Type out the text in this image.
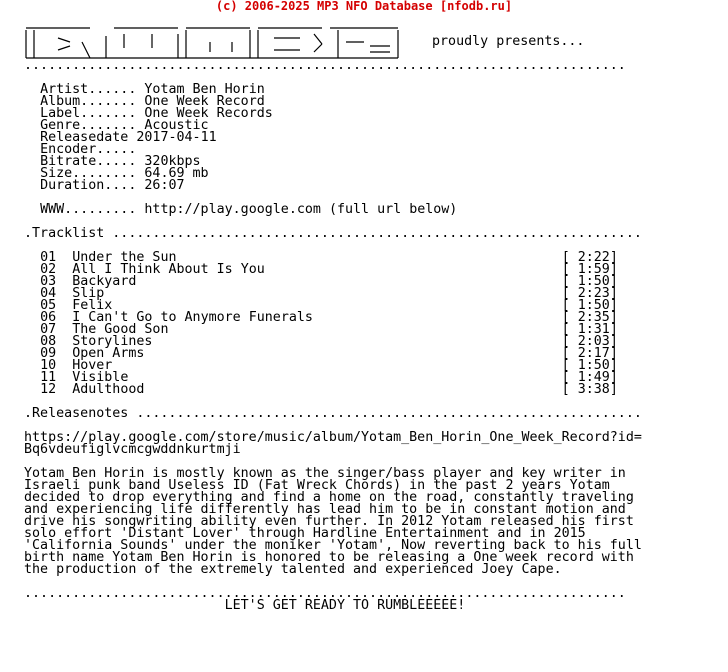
(c) 2006-2025 MP3 NFO Database [nfodb.ru]
proudly presents...

...........................................................................

Artist...... Yotam Ben Horin
Album....... One Week Record
Label....... One Week Records
Genre....... Acoustic
Releasedate 2017-04-11
Encoder.....
Bitrate..... 320kbps
Size........ 64.69 mb
Duration.... 26:07

WWW......... http://play.google.com (full url below)

.Tracklist ..................................................................

01 Under the Sun	[ 2:22]
02 All I Think About Is You	[ 1:59]
03 Backyard	[ 1:50]
04 Slip	[ 2:23]
05 Felix	[ 1:50]
06 I Can't Go to Anymore Funerals	[ 2:35]
07 The Good Son	[ 1:31]
08 Storylines	[ 2:03]
09 Open Arms	[ 2:17]
10 Hover	[ 1:50]
11 Visible	[ 1:49]
12 Adulthood	[ 3:38]

.Releasenotes ...............................................................

https://play.google.com/store/music/album/Yotam_Ben_Horin_One_Week_Record?id=
Bq6vdeufiglvcmcgwddnkurtmji

Yotam Ben Horin is mostly known as the singer/bass player and key writer in
Israeli punk band Useless ID (Fat Wreck Chords) in the past 2 years Yotam
decided to drop everything and find a home on the road, constantly traveling
and experiencing life differently has lead him to be in constant motion and
drive his songwriting ability even further. In 2012 Yotam released his first
solo effort 'Distant Lover' through Hardline Entertainment and in 2015
'California Sounds' under the moniker 'Yotam', Now reverting back to his full
birth name Yotam Ben Horin is honored to be releasing a One week record with
the production of the extremely talented and experienced Joey Cape.

...........................................................................
LET'S GET READY TO RUMBLEEEEE!
